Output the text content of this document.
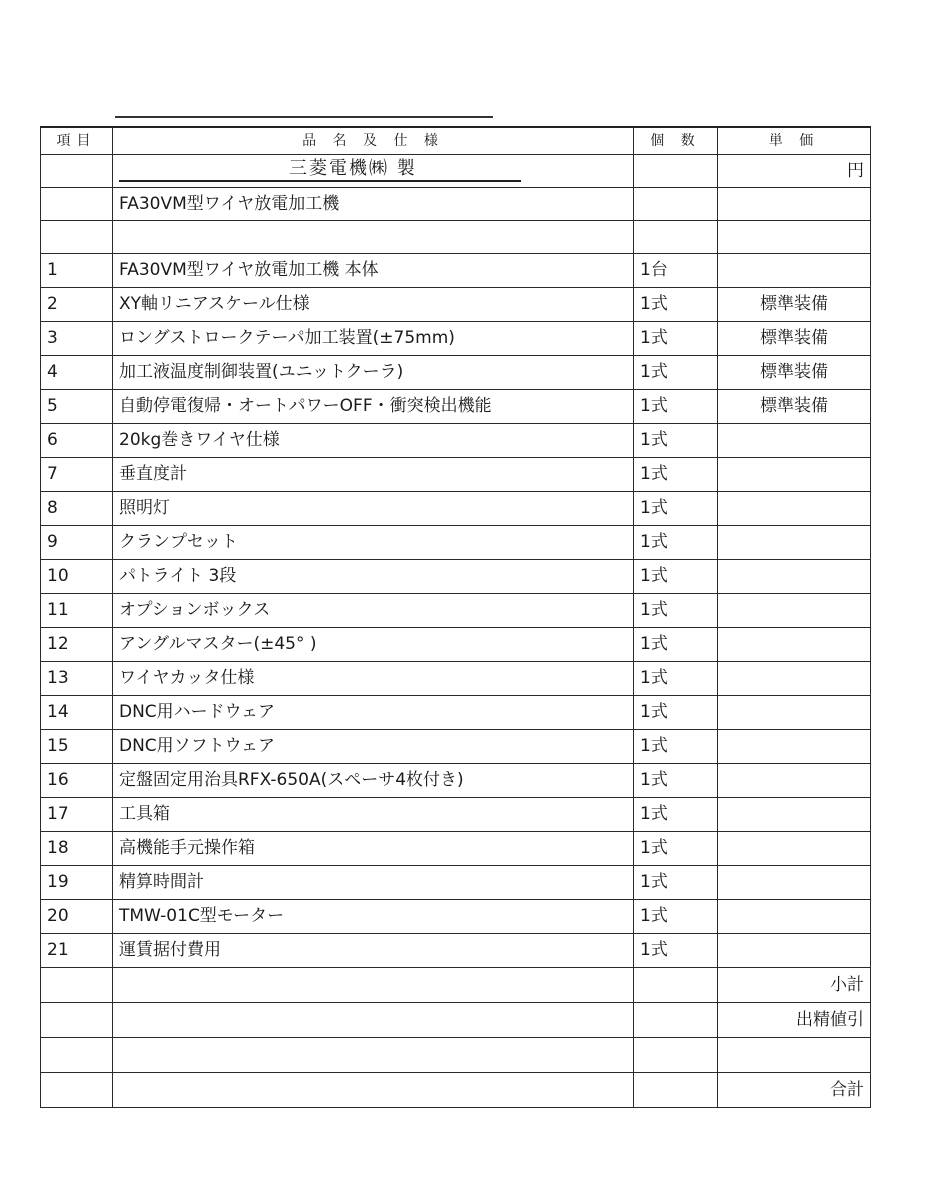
項目	品 名 及 仕 様	個 数	単 価
	三菱電機㈱ 製		円
	FA30VM型ワイヤ放電加工機		

1	FA30VM型ワイヤ放電加工機 本体	1台	
2	XY軸リニアスケール仕様	1式	標準装備
3	ロングストロークテーパ加工装置(±75mm)	1式	標準装備
4	加工液温度制御装置(ユニットクーラ)	1式	標準装備
5	自動停電復帰・オートパワーOFF・衝突検出機能	1式	標準装備
6	20kg巻きワイヤ仕様	1式	
7	垂直度計	1式	
8	照明灯	1式	
9	クランプセット	1式	
10	パトライト 3段	1式	
11	オプションボックス	1式	
12	アングルマスター(±45° )	1式	
13	ワイヤカッタ仕様	1式	
14	DNC用ハードウェア	1式	
15	DNC用ソフトウェア	1式	
16	定盤固定用治具RFX-650A(スペーサ4枚付き)	1式	
17	工具箱	1式	
18	高機能手元操作箱	1式	
19	精算時間計	1式	
20	TMW-01C型モーター	1式	
21	運賃据付費用	1式	
			小計
			出精値引

			合計
